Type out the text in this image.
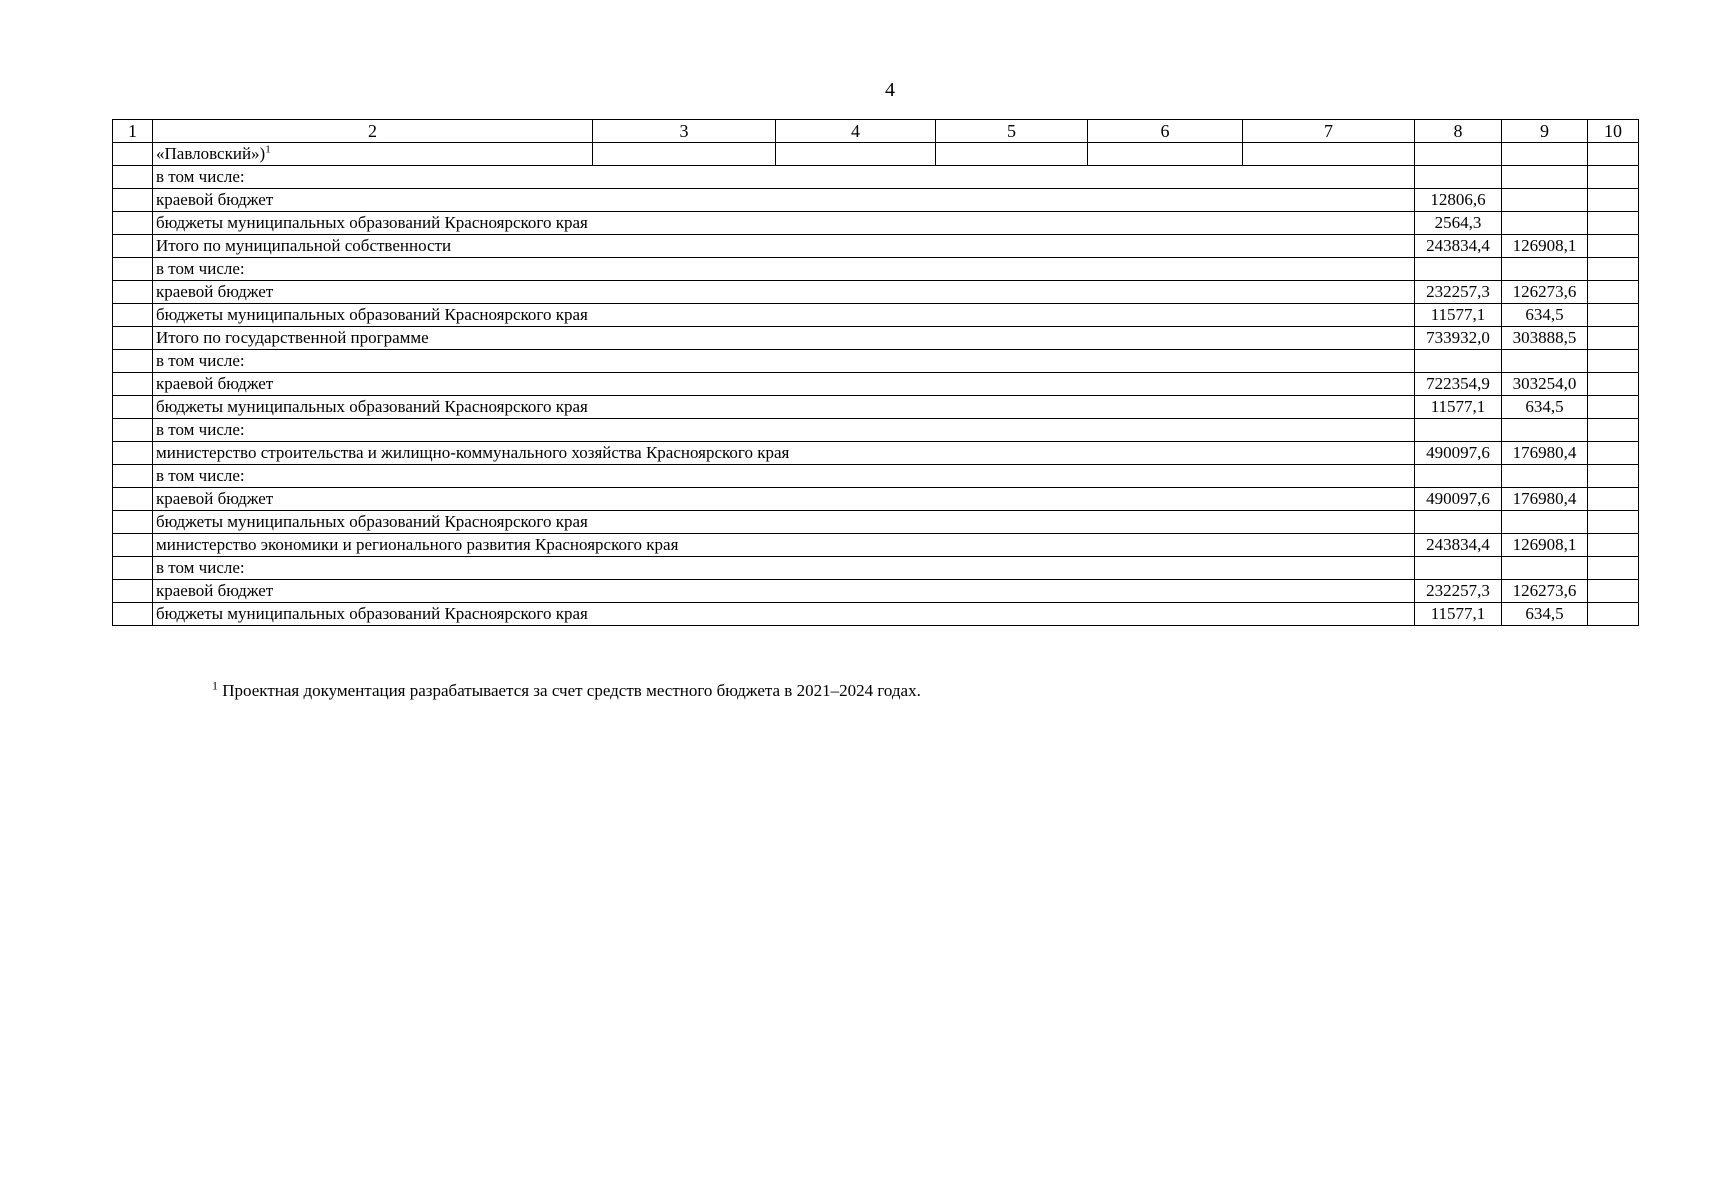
4
1	2	3	4	5	6	7	8	9	10
	«Павловский»)$^1$								
	в том числе:								
	краевой бюджет						12806,6		
	бюджеты муниципальных образований Красноярского края						2564,3		
	Итого по муниципальной собственности						243834,4	126908,1	
	в том числе:								
	краевой бюджет						232257,3	126273,6	
	бюджеты муниципальных образований Красноярского края						11577,1	634,5	
	Итого по государственной программе						733932,0	303888,5	
	в том числе:								
	краевой бюджет						722354,9	303254,0	
	бюджеты муниципальных образований Красноярского края						11577,1	634,5	
	в том числе:								
	министерство строительства и жилищно-коммунального хозяйства Красноярского края						490097,6	176980,4	
	в том числе:								
	краевой бюджет						490097,6	176980,4	
	бюджеты муниципальных образований Красноярского края								
	министерство экономики и регионального развития Красноярского края						243834,4	126908,1	
	в том числе:								
	краевой бюджет						232257,3	126273,6	
	бюджеты муниципальных образований Красноярского края						11577,1	634,5	
$^1$ Проектная документация разрабатывается за счет средств местного бюджета в 2021–2024 годах.
